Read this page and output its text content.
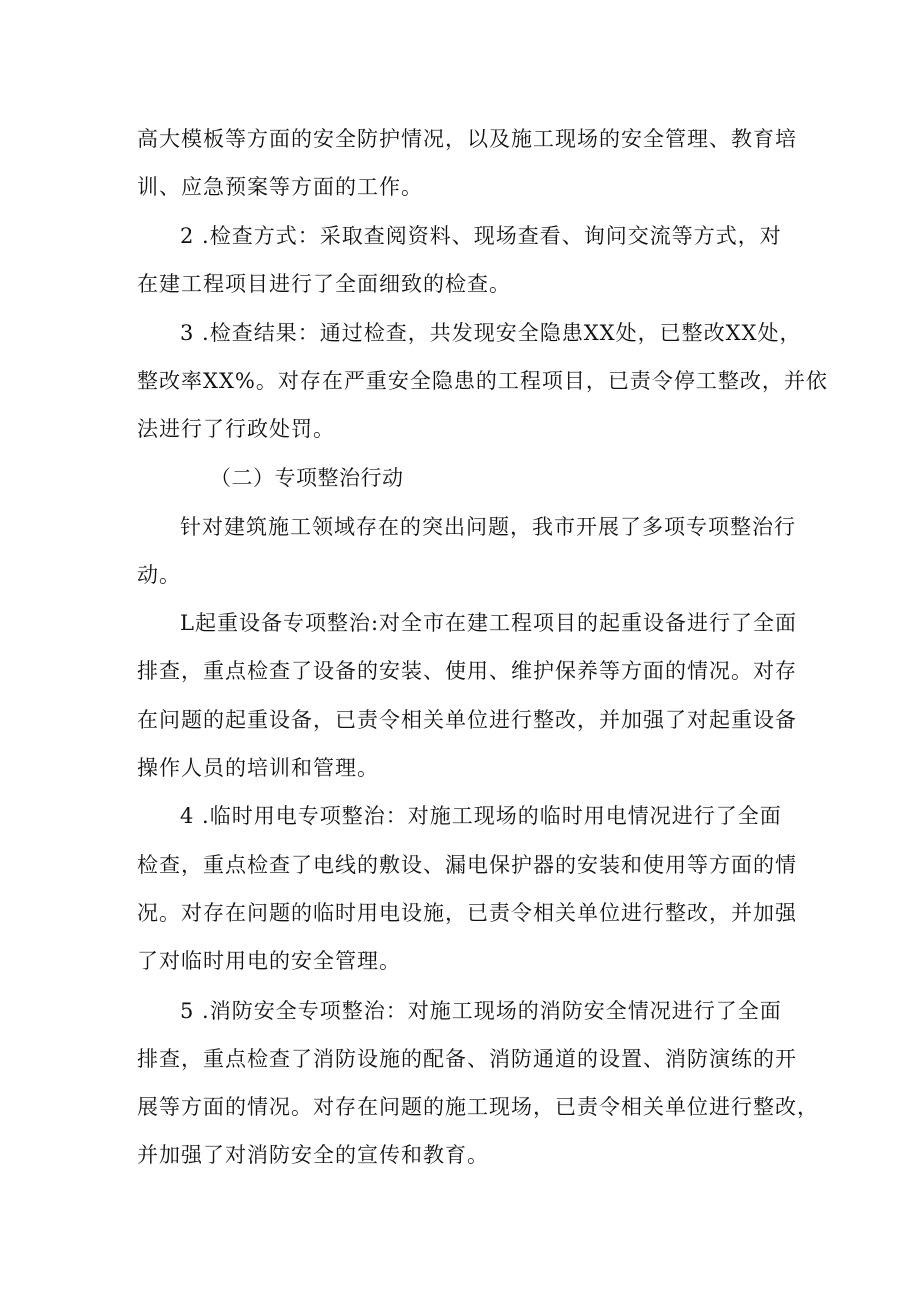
高大模板等方面的安全防护情况，以及施工现场的安全管理、教育培
训、应急预案等方面的工作。
2 .检查方式：采取查阅资料、现场查看、询问交流等方式，对
在建工程项目进行了全面细致的检查。
3 .检查结果：通过检查，共发现安全隐患XX处，已整改XX处，
整改率XX%。对存在严重安全隐患的工程项目，已责令停工整改，并依
法进行了行政处罚。
（二）专项整治行动
针对建筑施工领域存在的突出问题，我市开展了多项专项整治行
动。
L起重设备专项整治:对全市在建工程项目的起重设备进行了全面
排查，重点检查了设备的安装、使用、维护保养等方面的情况。对存
在问题的起重设备，已责令相关单位进行整改，并加强了对起重设备
操作人员的培训和管理。
4 .临时用电专项整治：对施工现场的临时用电情况进行了全面
检查，重点检查了电线的敷设、漏电保护器的安装和使用等方面的情
况。对存在问题的临时用电设施，已责令相关单位进行整改，并加强
了对临时用电的安全管理。
5 .消防安全专项整治：对施工现场的消防安全情况进行了全面
排查，重点检查了消防设施的配备、消防通道的设置、消防演练的开
展等方面的情况。对存在问题的施工现场，已责令相关单位进行整改，
并加强了对消防安全的宣传和教育。
